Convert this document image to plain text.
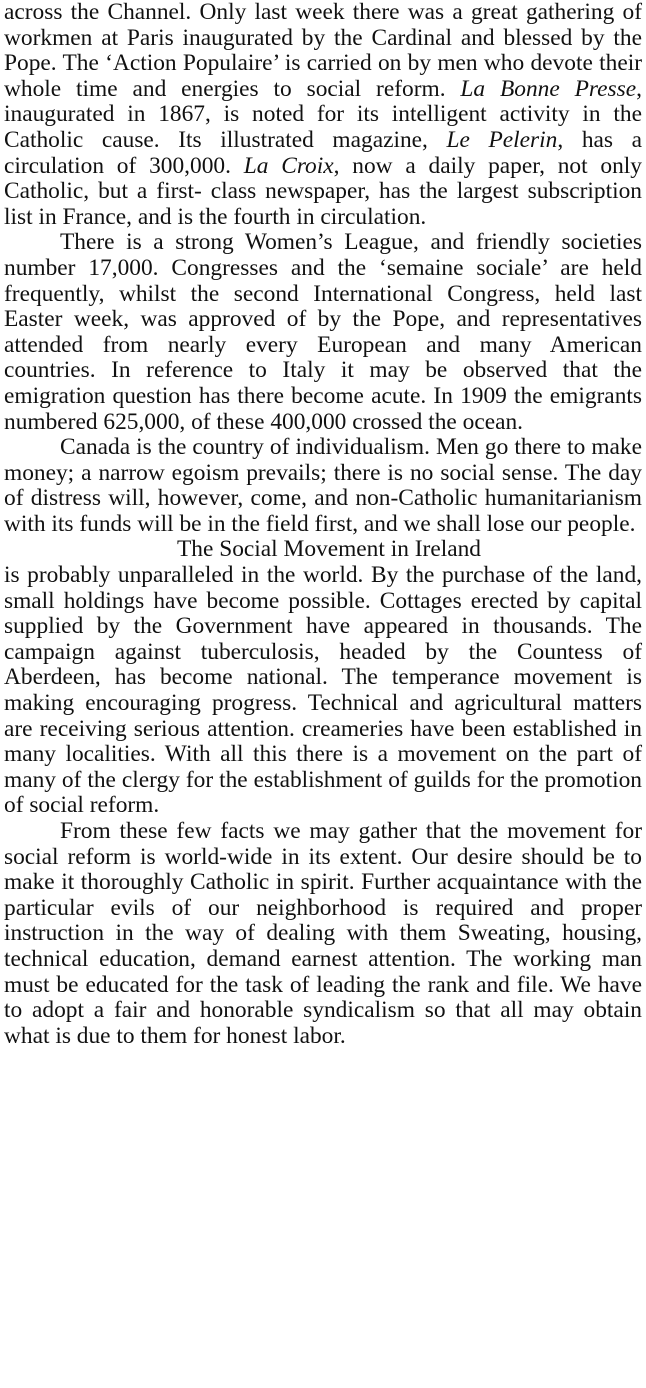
across the Channel. Only last week there was a great gathering of workmen at Paris inaugurated by the Cardinal and blessed by the Pope. The ‘Action Populaire’ is carried on by men who devote their whole time and energies to social reform. La Bonne Presse, inaugurated in 1867, is noted for its intelligent activity in the Catholic cause. Its illustrated magazine, Le Pelerin, has a circulation of 300,000. La Croix, now a daily paper, not only Catholic, but a first- class newspaper, has the largest subscription list in France, and is the fourth in circulation.

There is a strong Women’s League, and friendly societies number 17,000. Congresses and the ‘semaine sociale’ are held frequently, whilst the second International Congress, held last Easter week, was approved of by the Pope, and representatives attended from nearly every European and many American countries. In reference to Italy it may be observed that the emigration question has there become acute. In 1909 the emigrants numbered 625,000, of these 400,000 crossed the ocean.

Canada is the country of individualism. Men go there to make money; a narrow egoism prevails; there is no social sense. The day of distress will, however, come, and non-Catholic humanitarianism with its funds will be in the field first, and we shall lose our people.

The Social Movement in Ireland

is probably unparalleled in the world. By the purchase of the land, small holdings have become possible. Cottages erected by capital supplied by the Government have appeared in thousands. The campaign against tuberculosis, headed by the Countess of Aberdeen, has become national. The temperance movement is making encouraging progress. Technical and agricultural matters are receiving serious attention. creameries have been established in many localities. With all this there is a movement on the part of many of the clergy for the establishment of guilds for the promotion of social reform.

From these few facts we may gather that the movement for social reform is world-wide in its extent. Our desire should be to make it thoroughly Catholic in spirit. Further acquaintance with the particular evils of our neighborhood is required and proper instruction in the way of dealing with them Sweating, housing, technical education, demand earnest attention. The working man must be educated for the task of leading the rank and file. We have to adopt a fair and honorable syndicalism so that all may obtain what is due to them for honest labor.
